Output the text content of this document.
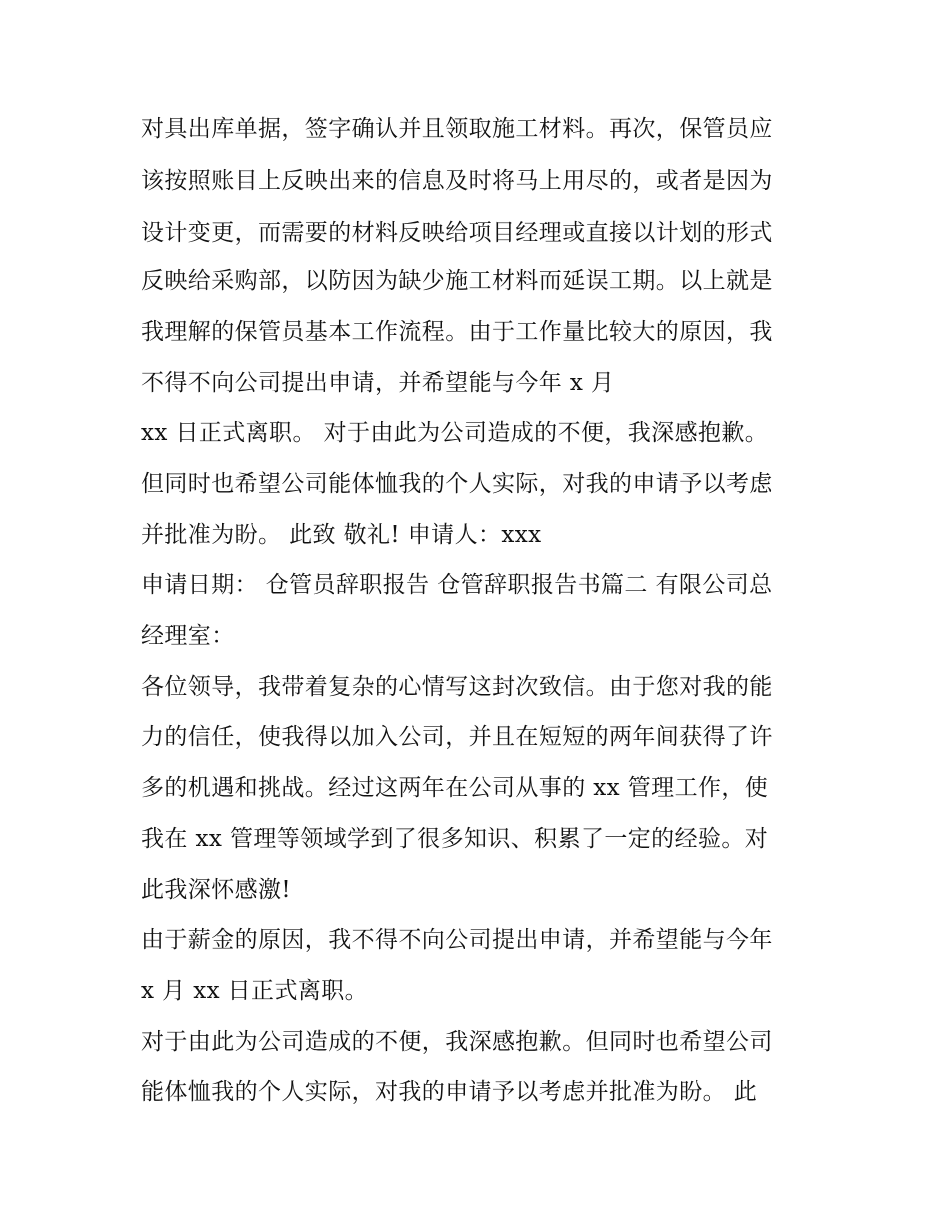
对具出库单据，签字确认并且领取施工材料。再次，保管员应
该按照账目上反映出来的信息及时将马上用尽的，或者是因为
设计变更，而需要的材料反映给项目经理或直接以计划的形式
反映给采购部，以防因为缺少施工材料而延误工期。以上就是
我理解的保管员基本工作流程。由于工作量比较大的原因，我
不得不向公司提出申请，并希望能与今年 x 月
xx 日正式离职。 对于由此为公司造成的不便，我深感抱歉。
但同时也希望公司能体恤我的个人实际，对我的申请予以考虑
并批准为盼。 此致 敬礼! 申请人：xxx
申请日期： 仓管员辞职报告 仓管辞职报告书篇二 有限公司总
经理室：
各位领导，我带着复杂的心情写这封次致信。由于您对我的能
力的信任，使我得以加入公司，并且在短短的两年间获得了许
多的机遇和挑战。经过这两年在公司从事的 xx 管理工作，使
我在 xx 管理等领域学到了很多知识、积累了一定的经验。对
此我深怀感激!
由于薪金的原因，我不得不向公司提出申请，并希望能与今年
x 月 xx 日正式离职。
对于由此为公司造成的不便，我深感抱歉。但同时也希望公司
能体恤我的个人实际，对我的申请予以考虑并批准为盼。 此
